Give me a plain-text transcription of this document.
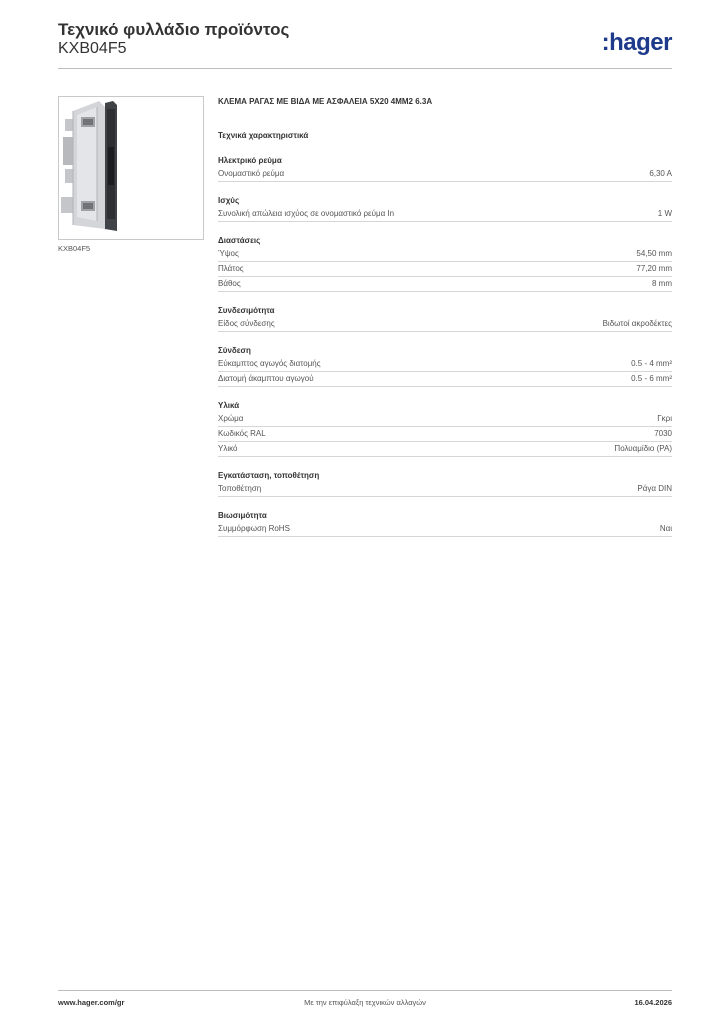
Τεχνικό φυλλάδιο προϊόντος
KXB04F5	:hager
KXB04F5
ΚΛΕΜΑ ΡΑΓΑΣ ΜΕ ΒΙΔΑ ΜΕ ΑΣΦΑΛΕΙΑ 5X20 4MM2 6.3A
Τεχνικά χαρακτηριστικά
Ηλεκτρικό ρεύμα
Ονομαστικό ρεύμα	6,30 A
Ισχύς
Συνολική απώλεια ισχύος σε ονομαστικό ρεύμα In	1 W
Διαστάσεις
Ύψος	54,50 mm
Πλάτος	77,20 mm
Βάθος	8 mm
Συνδεσιμότητα
Είδος σύνδεσης	Βιδωτοί ακροδέκτες
Σύνδεση
Εύκαμπτος αγωγός διατομής	0.5 - 4 mm²
Διατομή άκαμπτου αγωγού	0.5 - 6 mm²
Υλικά
Χρώμα	Γκρι
Κωδικός RAL	7030
Υλικό	Πολυαμίδιο (PA)
Εγκατάσταση, τοποθέτηση
Τοποθέτηση	Ράγα DIN
Βιωσιμότητα
Συμμόρφωση RoHS	Ναι
www.hager.com/gr	Με την επιφύλαξη τεχνικών αλλαγών	16.04.2026
